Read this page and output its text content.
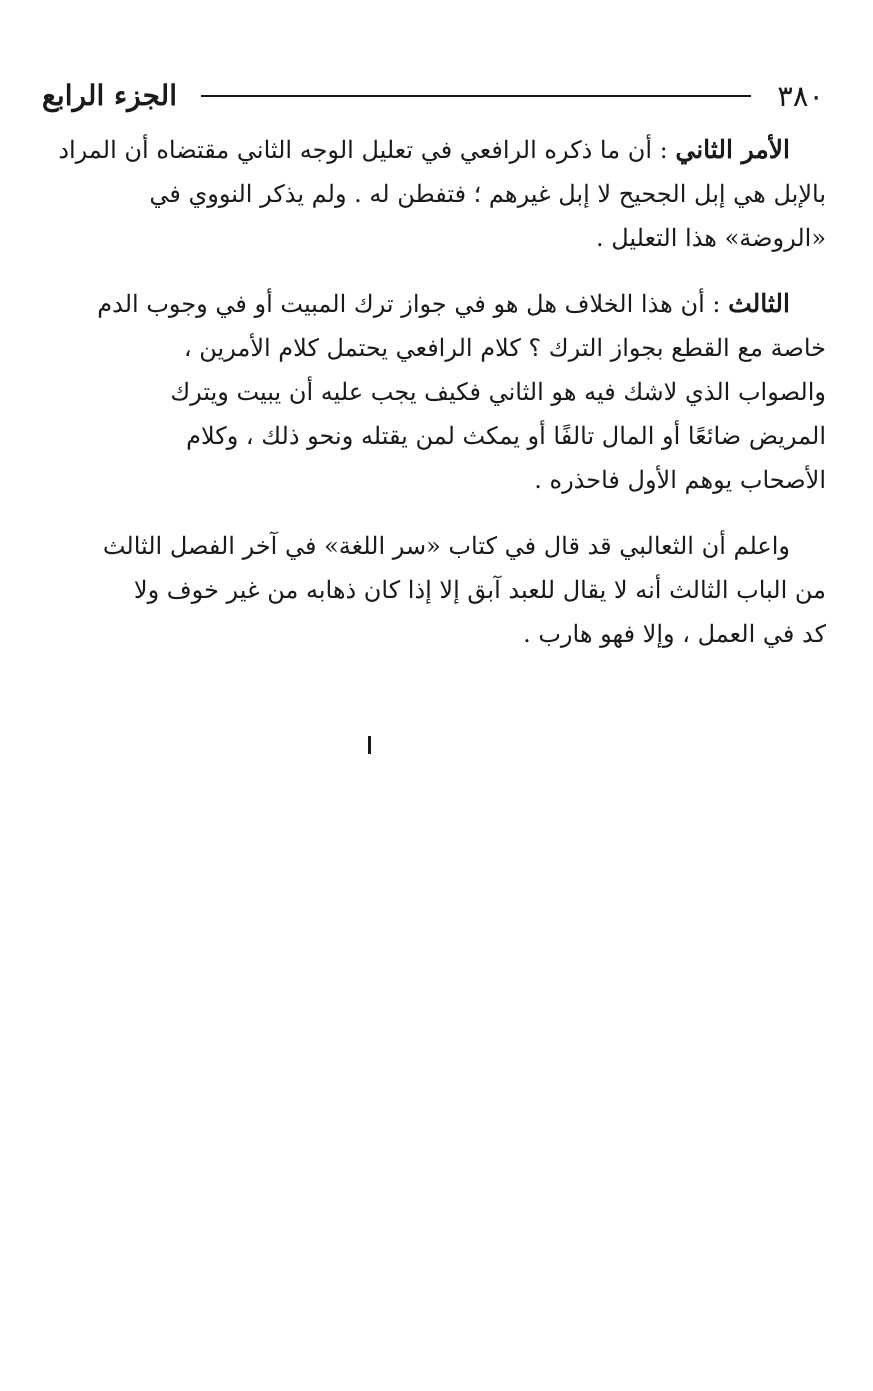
٣٨٠
الجزء الرابع

الأمر الثاني : أن ما ذكره الرافعي في تعليل الوجه الثاني مقتضاه أن المراد
بالإبل هي إبل الجحيح لا إبل غيرهم ؛ فتفطن له . ولم يذكر النووي في
«الروضة» هذا التعليل .

الثالث : أن هذا الخلاف هل هو في جواز ترك المبيت أو في وجوب الدم
خاصة مع القطع بجواز الترك ؟ كلام الرافعي يحتمل كلام الأمرين ،
والصواب الذي لاشك فيه هو الثاني فكيف يجب عليه أن يبيت ويترك
المريض ضائعًا أو المال تالفًا أو يمكث لمن يقتله ونحو ذلك ، وكلام
الأصحاب يوهم الأول فاحذره .

واعلم أن الثعالبي قد قال في كتاب «سر اللغة» في آخر الفصل الثالث
من الباب الثالث أنه لا يقال للعبد آبق إلا إذا كان ذهابه من غير خوف ولا
كد في العمل ، وإلا فهو هارب .
